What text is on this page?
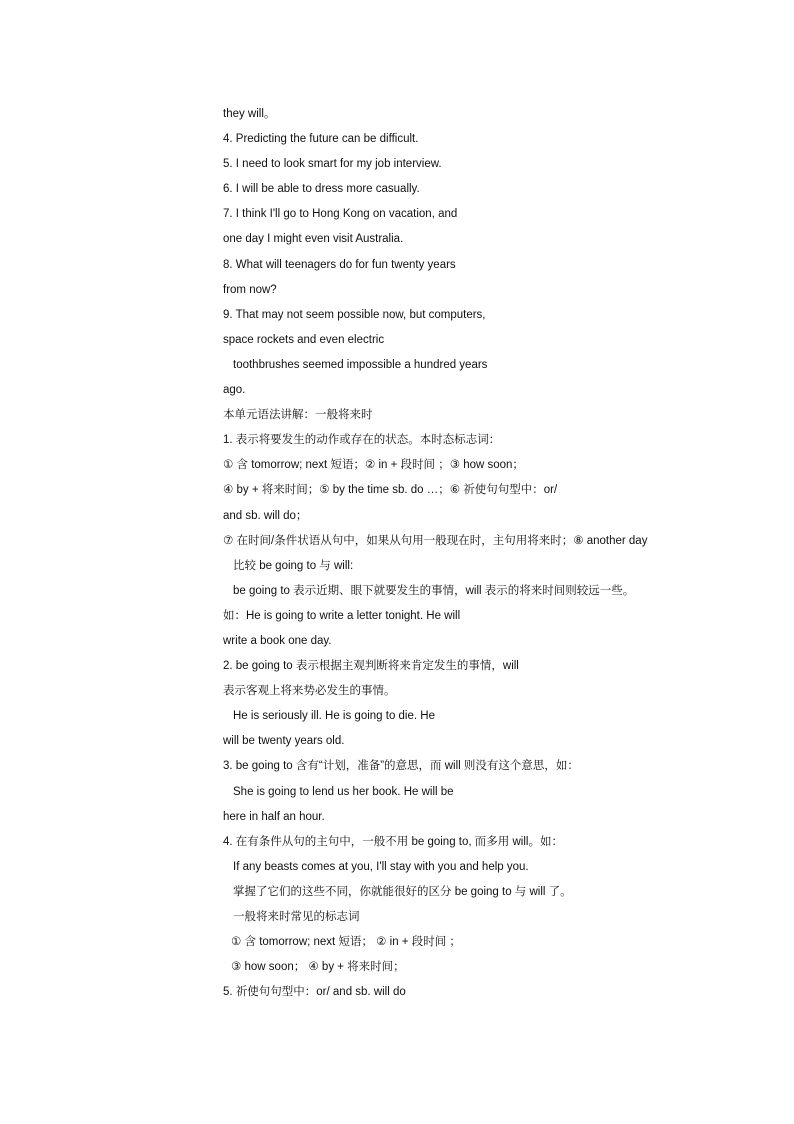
they will。
4. Predicting the future can be difficult.
5. I need to look smart for my job interview.
6. I will be able to dress more casually.
7. I think I'll go to Hong Kong on vacation, and
one day I might even visit Australia.
8. What will teenagers do for fun twenty years
from now?
9. That may not seem possible now, but computers,
space rockets and even electric
toothbrushes seemed impossible a hundred years
ago.
本单元语法讲解：一般将来时
1. 表示将要发生的动作或存在的状态。本时态标志词：
① 含 tomorrow; next 短语；② in + 段时间 ；③ how soon；
④ by + 将来时间；⑤ by the time sb. do …；⑥ 祈使句句型中：or/
and sb. will do；
⑦ 在时间/条件状语从句中，如果从句用一般现在时，主句用将来时；⑧ another day
比较 be going to 与 will:
be going to 表示近期、眼下就要发生的事情，will 表示的将来时间则较远一些。
如：He is going to write a letter tonight. He will
write a book one day.
2. be going to 表示根据主观判断将来肯定发生的事情，will
表示客观上将来势必发生的事情。
He is seriously ill. He is going to die. He
will be twenty years old.
3. be going to 含有“计划，准备”的意思，而 will 则没有这个意思，如：
She is going to lend us her book. He will be
here in half an hour.
4. 在有条件从句的主句中，一般不用 be going to, 而多用 will。如：
If any beasts comes at you, I'll stay with you and help you.
掌握了它们的这些不同，你就能很好的区分 be going to 与 will 了。
一般将来时常见的标志词
① 含 tomorrow; next 短语； ② in + 段时间 ；
③ how soon； ④ by + 将来时间；
5. 祈使句句型中：or/ and sb. will do
